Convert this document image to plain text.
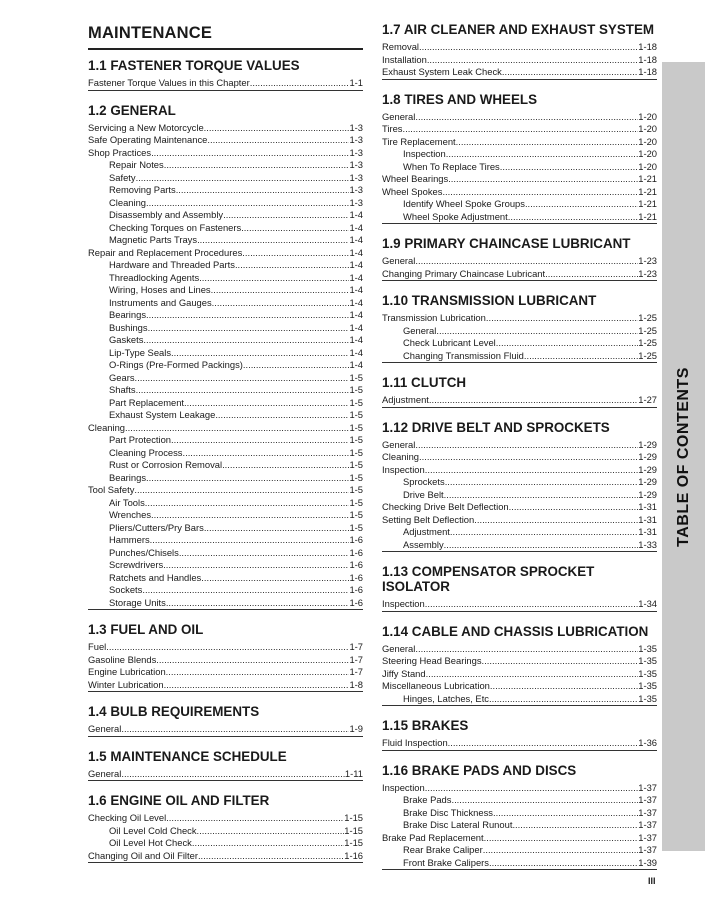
MAINTENANCE
1.1 FASTENER TORQUE VALUES
Fastener Torque Values in this Chapter .....	1-1
1.2 GENERAL
Servicing a New Motorcycle .....	1-3
Safe Operating Maintenance .....	1-3
Shop Practices .....	1-3
Repair Notes .....	1-3
Safety .....	1-3
Removing Parts .....	1-3
Cleaning .....	1-3
Disassembly and Assembly .....	1-4
Checking Torques on Fasteners .....	1-4
Magnetic Parts Trays .....	1-4
Repair and Replacement Procedures .....	1-4
Hardware and Threaded Parts .....	1-4
Threadlocking Agents .....	1-4
Wiring, Hoses and Lines .....	1-4
Instruments and Gauges .....	1-4
Bearings .....	1-4
Bushings .....	1-4
Gaskets .....	1-4
Lip-Type Seals .....	1-4
O-Rings (Pre-Formed Packings) .....	1-4
Gears .....	1-5
Shafts .....	1-5
Part Replacement .....	1-5
Exhaust System Leakage .....	1-5
Cleaning .....	1-5
Part Protection .....	1-5
Cleaning Process .....	1-5
Rust or Corrosion Removal .....	1-5
Bearings .....	1-5
Tool Safety .....	1-5
Air Tools .....	1-5
Wrenches .....	1-5
Pliers/Cutters/Pry Bars .....	1-5
Hammers .....	1-6
Punches/Chisels .....	1-6
Screwdrivers .....	1-6
Ratchets and Handles .....	1-6
Sockets .....	1-6
Storage Units .....	1-6
1.3 FUEL AND OIL
Fuel .....	1-7
Gasoline Blends .....	1-7
Engine Lubrication .....	1-7
Winter Lubrication .....	1-8
1.4 BULB REQUIREMENTS
General .....	1-9
1.5 MAINTENANCE SCHEDULE
General .....	1-11
1.6 ENGINE OIL AND FILTER
Checking Oil Level .....	1-15
Oil Level Cold Check .....	1-15
Oil Level Hot Check .....	1-15
Changing Oil and Oil Filter .....	1-16
1.7 AIR CLEANER AND EXHAUST SYSTEM
Removal .....	1-18
Installation .....	1-18
Exhaust System Leak Check .....	1-18
1.8 TIRES AND WHEELS
General .....	1-20
Tires .....	1-20
Tire Replacement .....	1-20
Inspection .....	1-20
When To Replace Tires .....	1-20
Wheel Bearings .....	1-21
Wheel Spokes .....	1-21
Identify Wheel Spoke Groups .....	1-21
Wheel Spoke Adjustment .....	1-21
1.9 PRIMARY CHAINCASE LUBRICANT
General .....	1-23
Changing Primary Chaincase Lubricant .....	1-23
1.10 TRANSMISSION LUBRICANT
Transmission Lubrication .....	1-25
General .....	1-25
Check Lubricant Level .....	1-25
Changing Transmission Fluid .....	1-25
1.11 CLUTCH
Adjustment .....	1-27
1.12 DRIVE BELT AND SPROCKETS
General .....	1-29
Cleaning .....	1-29
Inspection .....	1-29
Sprockets .....	1-29
Drive Belt .....	1-29
Checking Drive Belt Deflection .....	1-31
Setting Belt Deflection .....	1-31
Adjustment .....	1-31
Assembly .....	1-33
1.13 COMPENSATOR SPROCKET ISOLATOR
Inspection .....	1-34
1.14 CABLE AND CHASSIS LUBRICATION
General .....	1-35
Steering Head Bearings .....	1-35
Jiffy Stand .....	1-35
Miscellaneous Lubrication .....	1-35
Hinges, Latches, Etc .....	1-35
1.15 BRAKES
Fluid Inspection .....	1-36
1.16 BRAKE PADS AND DISCS
Inspection .....	1-37
Brake Pads .....	1-37
Brake Disc Thickness .....	1-37
Brake Disc Lateral Runout .....	1-37
Brake Pad Replacement .....	1-37
Rear Brake Caliper .....	1-37
Front Brake Calipers .....	1-39
TABLE OF CONTENTS
III
